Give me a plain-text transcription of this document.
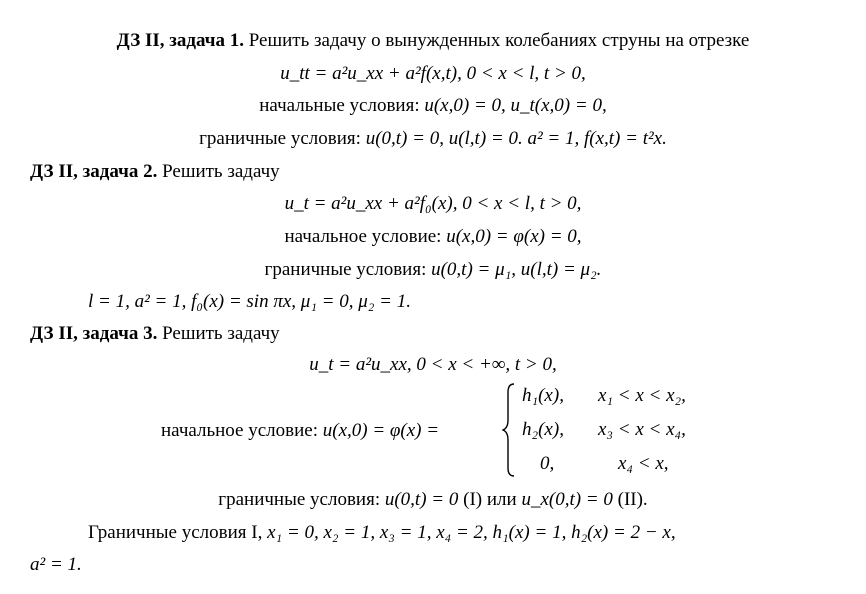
ДЗ II, задача 1. Решить задачу о вынужденных колебаниях струны на отрезке
u_tt = a²u_xx + a²f(x,t), 0 < x < l, t > 0,
начальные условия: u(x,0) = 0, u_t(x,0) = 0,
граничные условия: u(0,t) = 0, u(l,t) = 0. a² = 1, f(x,t) = t²x.
ДЗ II, задача 2. Решить задачу
u_t = a²u_xx + a²f₀(x), 0 < x < l, t > 0,
начальное условие: u(x,0) = φ(x) = 0,
граничные условия: u(0,t) = μ₁, u(l,t) = μ₂.
l = 1, a² = 1, f₀(x) = sin πx, μ₁ = 0, μ₂ = 1.
ДЗ II, задача 3. Решить задачу
u_t = a²u_xx, 0 < x < +∞, t > 0,
начальное условие: u(x,0) = φ(x) =
h₁(x), x₁ < x < x₂,
h₂(x), x₃ < x < x₄,
0,	x₄ < x,
граничные условия: u(0,t) = 0 (I) или u_x(0,t) = 0 (II).
Граничные условия I, x₁ = 0, x₂ = 1, x₃ = 1, x₄ = 2, h₁(x) = 1, h₂(x) = 2 − x,
a² = 1.
